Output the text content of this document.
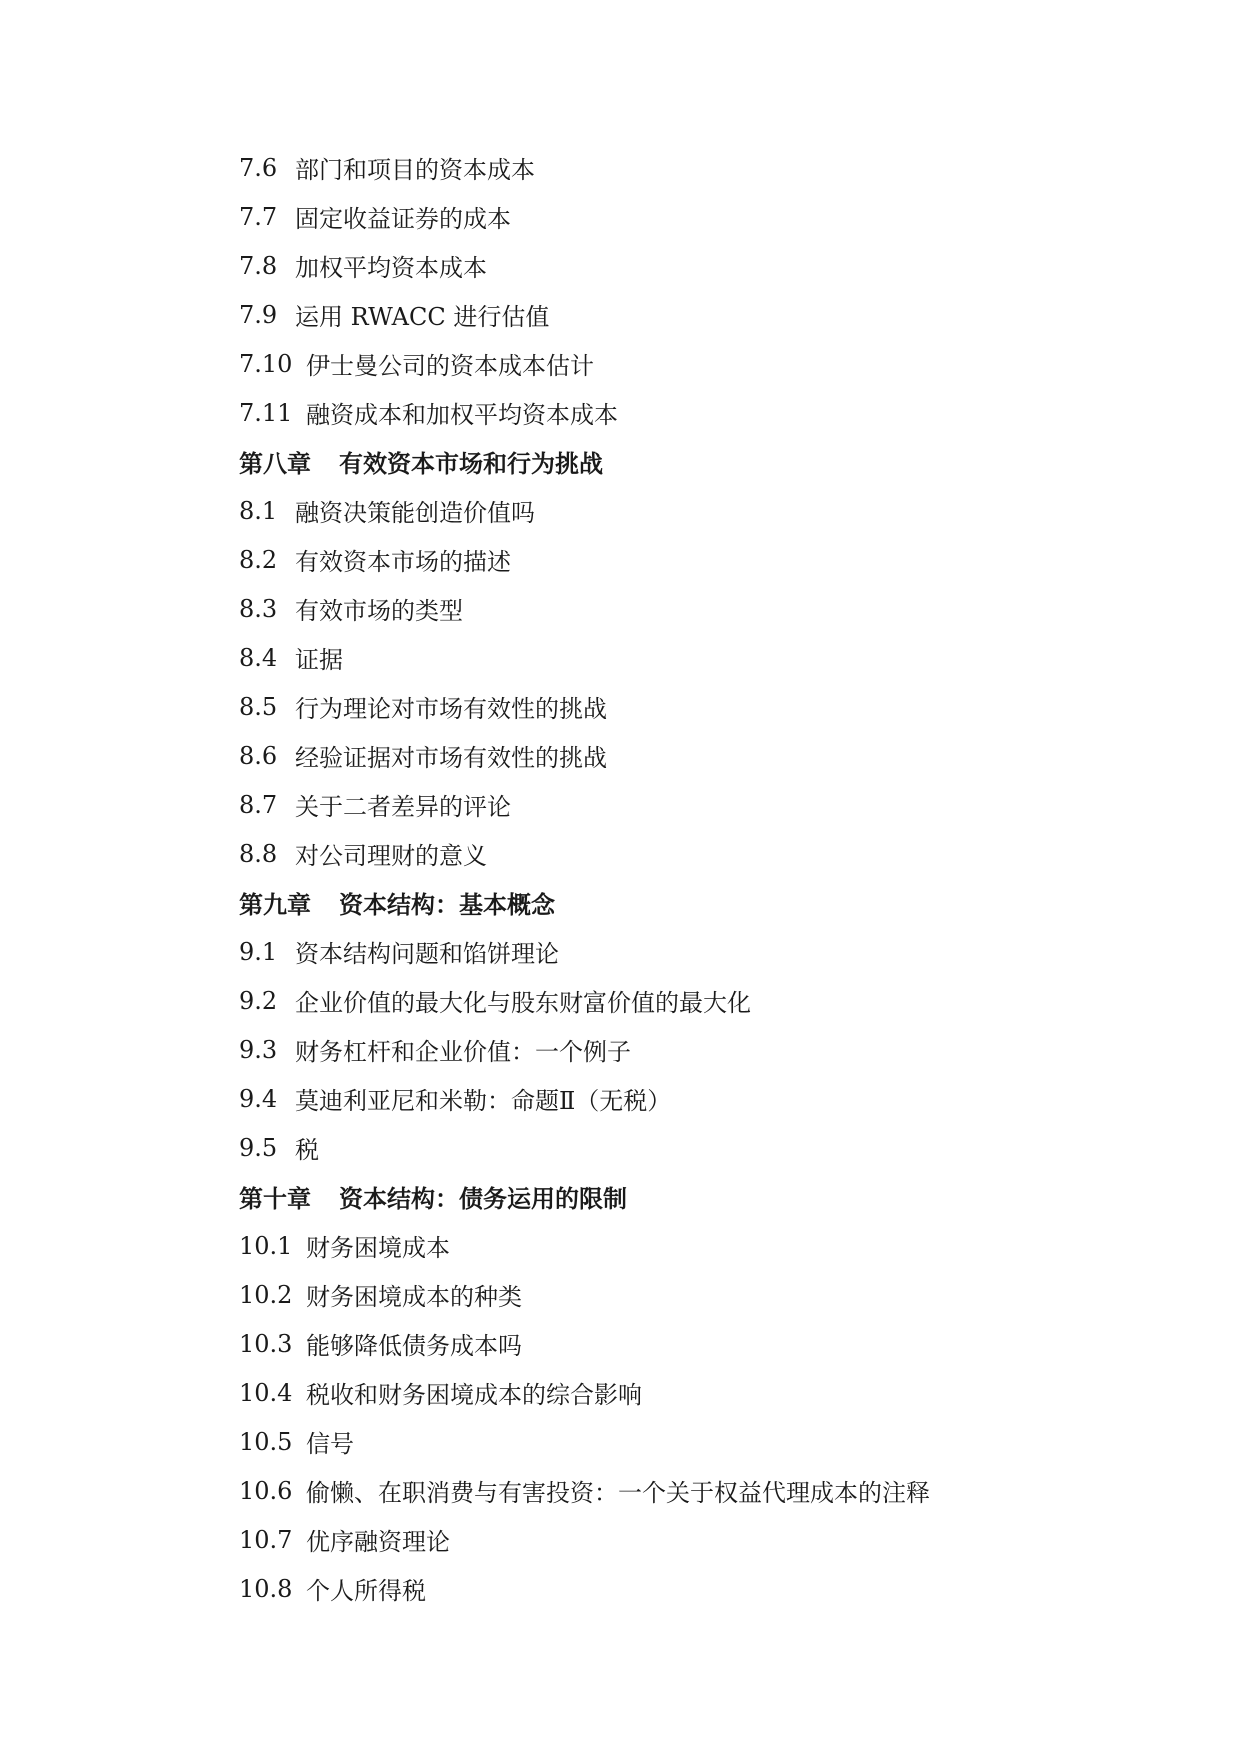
7.6 部门和项目的资本成本
7.7 固定收益证券的成本
7.8 加权平均资本成本
7.9 运用 RWACC 进行估值
7.10 伊士曼公司的资本成本估计
7.11 融资成本和加权平均资本成本
第八章	有效资本市场和行为挑战
8.1 融资决策能创造价值吗
8.2 有效资本市场的描述
8.3 有效市场的类型
8.4 证据
8.5 行为理论对市场有效性的挑战
8.6 经验证据对市场有效性的挑战
8.7 关于二者差异的评论
8.8 对公司理财的意义
第九章	资本结构：基本概念
9.1 资本结构问题和馅饼理论
9.2 企业价值的最大化与股东财富价值的最大化
9.3 财务杠杆和企业价值：一个例子
9.4 莫迪利亚尼和米勒：命题Ⅱ（无税）
9.5 税
第十章	资本结构：债务运用的限制
10.1 财务困境成本
10.2 财务困境成本的种类
10.3 能够降低债务成本吗
10.4 税收和财务困境成本的综合影响
10.5 信号
10.6 偷懒、在职消费与有害投资：一个关于权益代理成本的注释
10.7 优序融资理论
10.8 个人所得税
